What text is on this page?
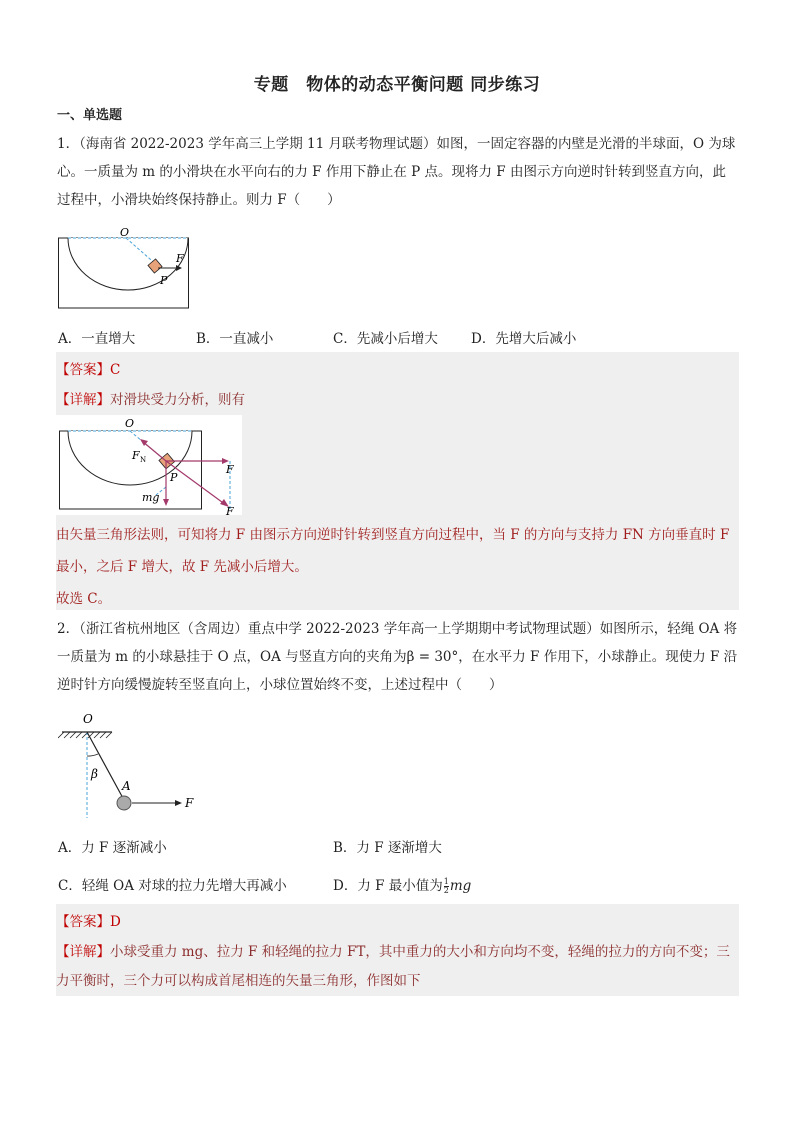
专题　物体的动态平衡问题 同步练习
一、单选题
1．（海南省 2022-2023 学年高三上学期 11 月联考物理试题）如图，一固定容器的内壁是光滑的半球面，O 为球心。一质量为 m 的小滑块在水平向右的力 F 作用下静止在 P 点。现将力 F 由图示方向逆时针转到竖直方向，此过程中，小滑块始终保持静止。则力 F（　　）
O
F
P
A．一直增大	B．一直减小	C．先减小后增大 D．先增大后减小
【答案】C
【详解】对滑块受力分析，则有
O
F N
F
P
mg
F
由矢量三角形法则，可知将力 F 由图示方向逆时针转到竖直方向过程中，当 F 的方向与支持力 FN 方向垂直时 F
最小，之后 F 增大，故 F 先减小后增大。
故选 C。
2．（浙江省杭州地区（含周边）重点中学 2022-2023 学年高一上学期期中考试物理试题）如图所示，轻绳 OA 将一质量为 m 的小球悬挂于 O 点，OA 与竖直方向的夹角为β = 30°，在水平力 F 作用下，小球静止。现使力 F 沿逆时针方向缓慢旋转至竖直向上，小球位置始终不变，上述过程中（　　）
O
β
A
F
A．力 F 逐渐减小	B．力 F 逐渐增大
C．轻绳 OA 对球的拉力先增大再减小	D．力 F 最小值为 $\frac{1}{2}$ mg
【答案】D
【详解】小球受重力 mg、拉力 F 和轻绳的拉力 FT，其中重力的大小和方向均不变，轻绳的拉力的方向不变；三
力平衡时，三个力可以构成首尾相连的矢量三角形，作图如下
